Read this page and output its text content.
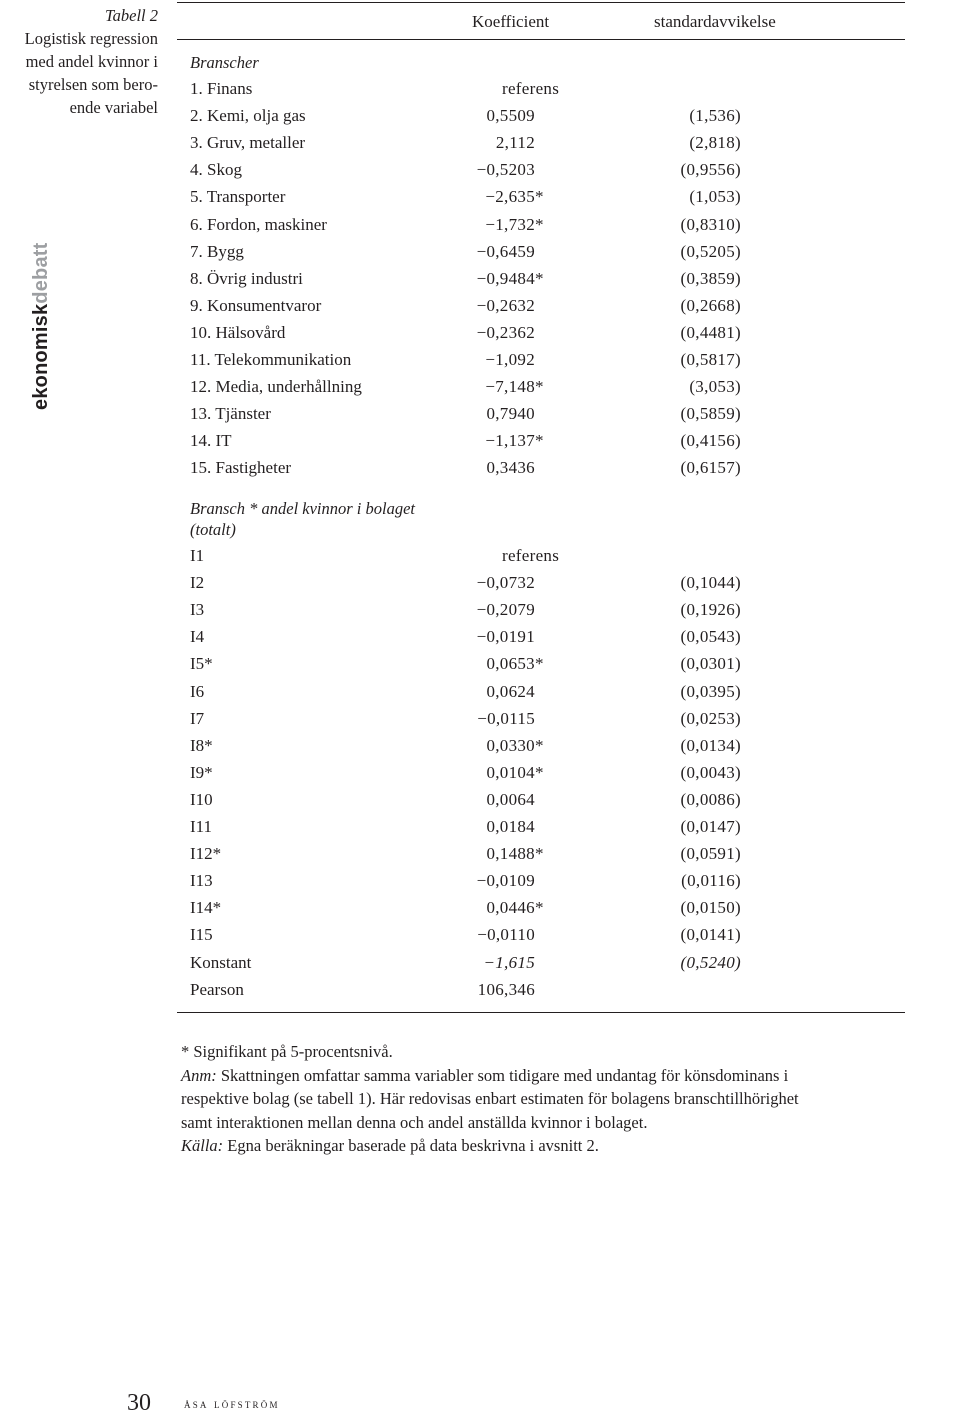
Tabell 2
Logistisk regression
med andel kvinnor i
styrelsen som bero-
ende variabel
Koefficient	standardavvikelse
Branscher
1. Finans	referens
2. Kemi, olja gas	0,5509	(1,536)
3. Gruv, metaller	2,112	(2,818)
4. Skog	−0,5203	(0,9556)
5. Transporter	−2,635*	(1,053)
6. Fordon, maskiner	−1,732*	(0,8310)
7. Bygg	−0,6459	(0,5205)
8. Övrig industri	−0,9484*	(0,3859)
9. Konsumentvaror	−0,2632	(0,2668)
10. Hälsovård	−0,2362	(0,4481)
11. Telekommunikation	−1,092	(0,5817)
12. Media, underhållning	−7,148*	(3,053)
13. Tjänster	0,7940	(0,5859)
14. IT	−1,137*	(0,4156)
15. Fastigheter	0,3436	(0,6157)
Bransch * andel kvinnor i bolaget
(totalt)
I1	referens
I2	−0,0732	(0,1044)
I3	−0,2079	(0,1926)
I4	−0,0191	(0,0543)
I5*	0,0653*	(0,0301)
I6	0,0624	(0,0395)
I7	−0,0115	(0,0253)
I8*	0,0330*	(0,0134)
I9*	0,0104*	(0,0043)
I10	0,0064	(0,0086)
I11	0,0184	(0,0147)
I12*	0,1488*	(0,0591)
I13	−0,0109	(0,0116)
I14*	0,0446*	(0,0150)
I15	−0,0110	(0,0141)
Konstant	−1,615	(0,5240)
Pearson	106,346
* Signifikant på 5-procentsnivå.
Anm: Skattningen omfattar samma variabler som tidigare med undantag för könsdominans i
respektive bolag (se tabell 1). Här redovisas enbart estimaten för bolagens branschtillhörighet
samt interaktionen mellan denna och andel anställda kvinnor i bolaget.
Källa: Egna beräkningar baserade på data beskrivna i avsnitt 2.
ekonomiskdebatt
30	åsa löfström
